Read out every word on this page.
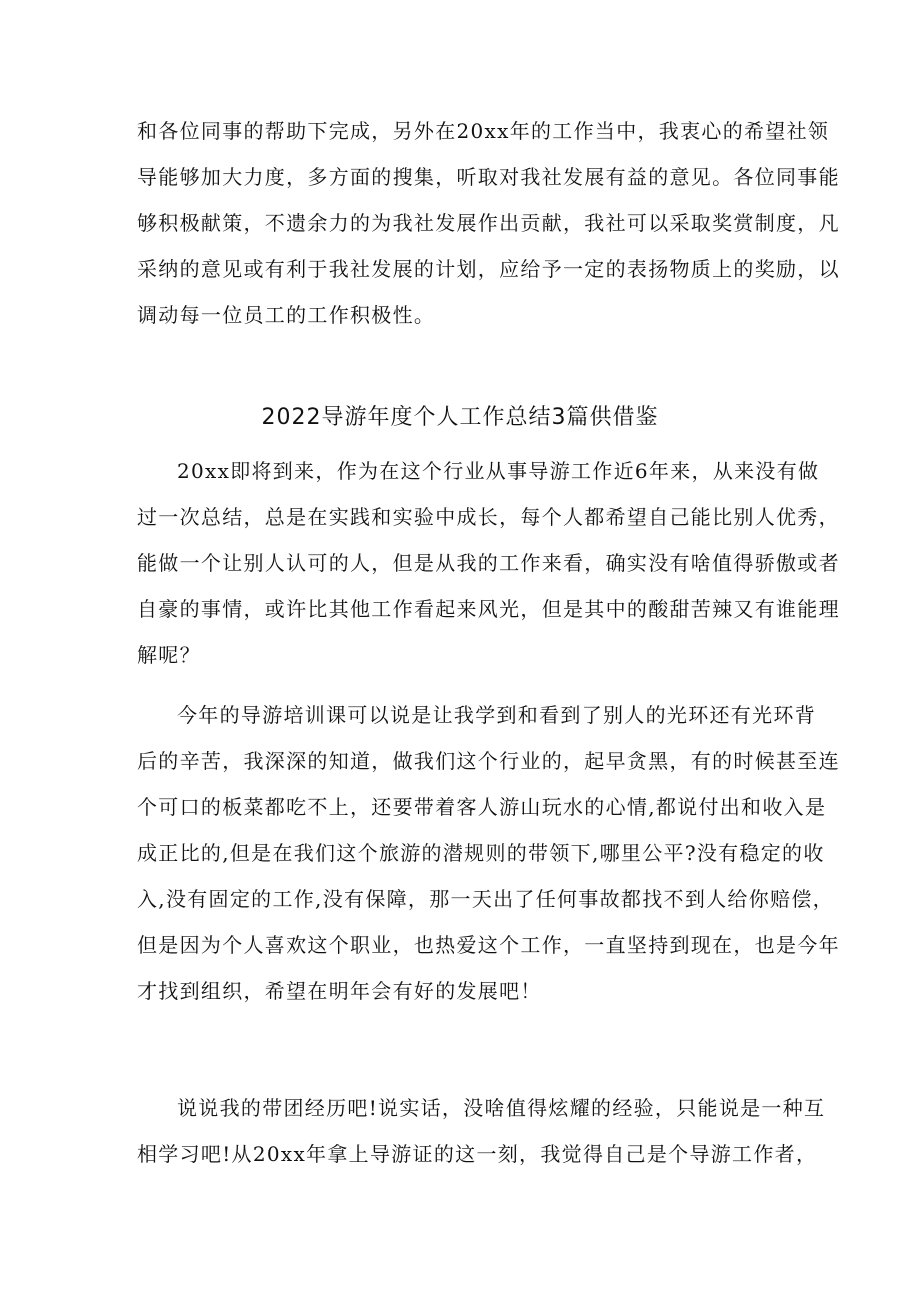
和各位同事的帮助下完成，另外在20xx年的工作当中，我衷心的希望社领
导能够加大力度，多方面的搜集，听取对我社发展有益的意见。各位同事能
够积极献策，不遗余力的为我社发展作出贡献，我社可以采取奖赏制度，凡
采纳的意见或有利于我社发展的计划，应给予一定的表扬物质上的奖励，以
调动每一位员工的工作积极性。
2022导游年度个人工作总结3篇供借鉴
20xx即将到来，作为在这个行业从事导游工作近6年来，从来没有做
过一次总结，总是在实践和实验中成长，每个人都希望自己能比别人优秀，
能做一个让别人认可的人，但是从我的工作来看，确实没有啥值得骄傲或者
自豪的事情，或许比其他工作看起来风光，但是其中的酸甜苦辣又有谁能理
解呢？
今年的导游培训课可以说是让我学到和看到了别人的光环还有光环背
后的辛苦，我深深的知道，做我们这个行业的，起早贪黑，有的时候甚至连
个可口的板菜都吃不上，还要带着客人游山玩水的心情,都说付出和收入是
成正比的,但是在我们这个旅游的潜规则的带领下,哪里公平?没有稳定的收
入,没有固定的工作,没有保障，那一天出了任何事故都找不到人给你赔偿，
但是因为个人喜欢这个职业，也热爱这个工作，一直坚持到现在，也是今年
才找到组织，希望在明年会有好的发展吧！
说说我的带团经历吧!说实话，没啥值得炫耀的经验，只能说是一种互
相学习吧!从20xx年拿上导游证的这一刻，我觉得自己是个导游工作者，
